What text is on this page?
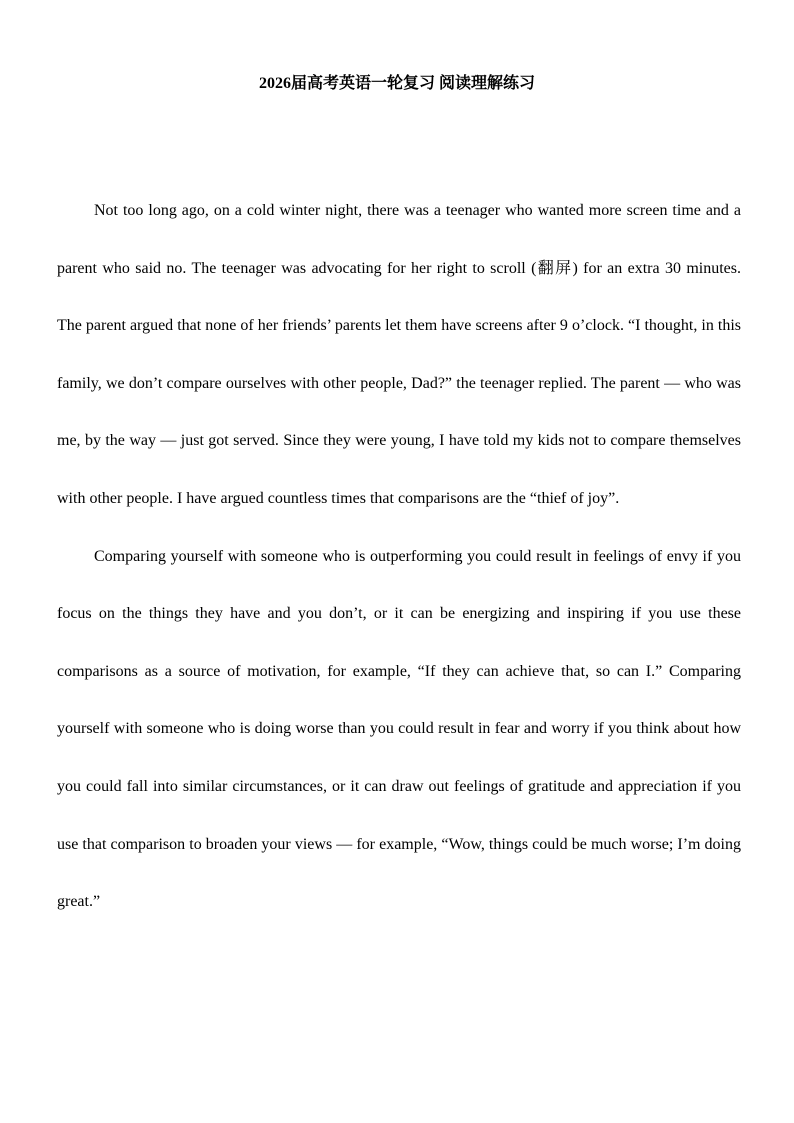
2026届高考英语一轮复习 阅读理解练习

Not too long ago, on a cold winter night, there was a teenager who wanted more screen time and a parent who said no. The teenager was advocating for her right to scroll (翻屏) for an extra 30 minutes. The parent argued that none of her friends’ parents let them have screens after 9 o’clock. “I thought, in this family, we don’t compare ourselves with other people, Dad?” the teenager replied. The parent — who was me, by the way — just got served. Since they were young, I have told my kids not to compare themselves with other people. I have argued countless times that comparisons are the “thief of joy”.

Comparing yourself with someone who is outperforming you could result in feelings of envy if you focus on the things they have and you don’t, or it can be energizing and inspiring if you use these comparisons as a source of motivation, for example, “If they can achieve that, so can I.” Comparing yourself with someone who is doing worse than you could result in fear and worry if you think about how you could fall into similar circumstances, or it can draw out feelings of gratitude and appreciation if you use that comparison to broaden your views — for example, “Wow, things could be much worse; I’m doing great.”
